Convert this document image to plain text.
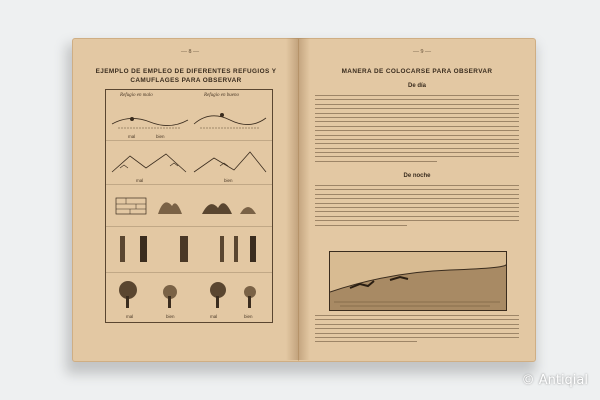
— 8 —
EJEMPLO DE EMPLEO DE DIFERENTES REFUGIOS Y CAMUFLAGES PARA OBSERVAR
Refugio en malo	Refugio en bueno
mal	bien
mal	bien
mal	bien	mal	bien
— 9 —
MANERA DE COLOCARSE PARA OBSERVAR
De día
De noche
© Antiqial
